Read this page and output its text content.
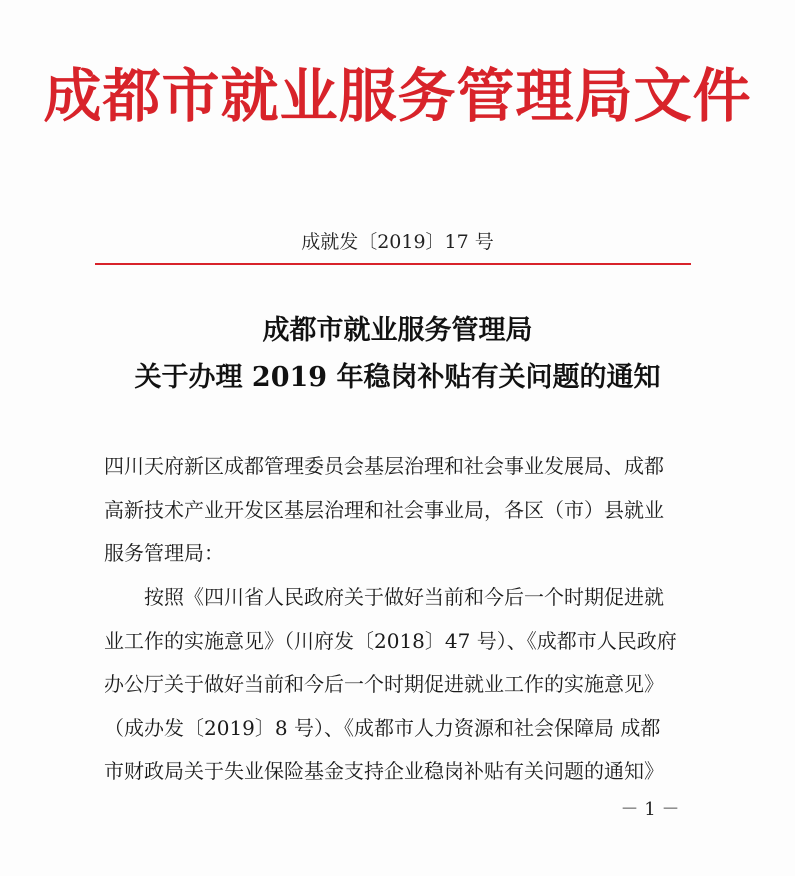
成都市就业服务管理局文件
成就发〔2019〕17 号
成都市就业服务管理局
关于办理 2019 年稳岗补贴有关问题的通知
四川天府新区成都管理委员会基层治理和社会事业发展局、成都
高新技术产业开发区基层治理和社会事业局，各区（市）县就业
服务管理局：
　　按照《四川省人民政府关于做好当前和今后一个时期促进就
业工作的实施意见》（川府发〔2018〕47 号）、《成都市人民政府
办公厅关于做好当前和今后一个时期促进就业工作的实施意见》
（成办发〔2019〕8 号）、《成都市人力资源和社会保障局 成都
市财政局关于失业保险基金支持企业稳岗补贴有关问题的通知》
－ 1 －
